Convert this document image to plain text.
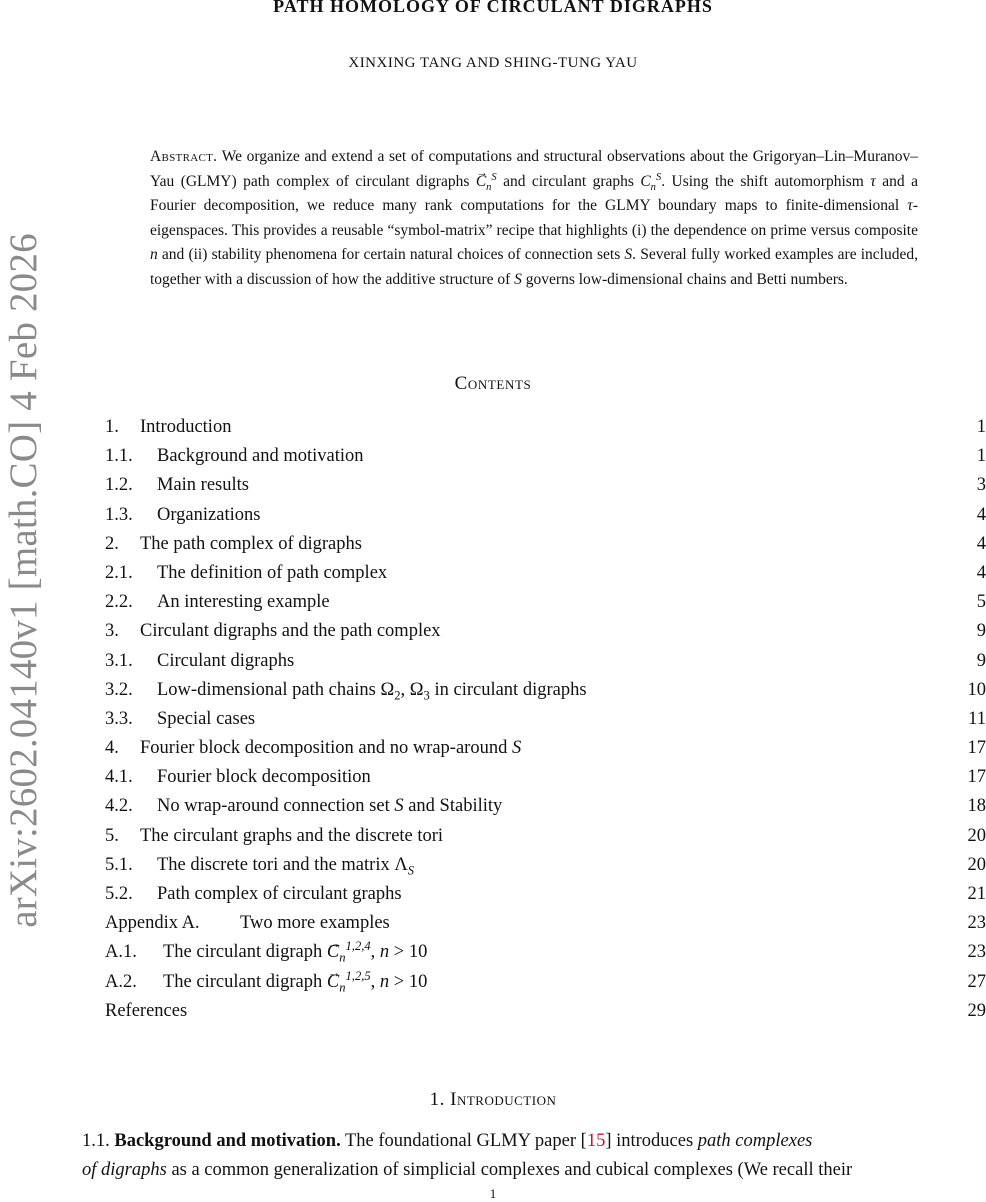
arXiv:2602.04140v1 [math.CO] 4 Feb 2026
PATH HOMOLOGY OF CIRCULANT DIGRAPHS
XINXING TANG AND SHING-TUNG YAU
Abstract. We organize and extend a set of computations and structural observations about the Grigoryan–Lin–Muranov–Yau (GLMY) path complex of circulant digraphs → $C_n^S$ and circulant graphs $C_n^S$. Using the shift automorphism τ and a Fourier decomposition, we reduce many rank computations for the GLMY boundary maps to finite-dimensional τ-eigenspaces. This provides a reusable “symbol-matrix” recipe that highlights (i) the dependence on prime versus composite n and (ii) stability phenomena for certain natural choices of connection sets S. Several fully worked examples are included, together with a discussion of how the additive structure of S governs low-dimensional chains and Betti numbers.
Contents
1.	Introduction	1
1.1.	Background and motivation	1
1.2.	Main results	3
1.3.	Organizations	4
2.	The path complex of digraphs	4
2.1.	The definition of path complex	4
2.2.	An interesting example	5
3.	Circulant digraphs and the path complex	9
3.1.	Circulant digraphs	9
3.2.	Low-dimensional path chains $\Omega_2$, $\Omega_3$ in circulant digraphs	10
3.3.	Special cases	11
4.	Fourier block decomposition and no wrap-around S	17
4.1.	Fourier block decomposition	17
4.2.	No wrap-around connection set S and Stability	18
5.	The circulant graphs and the discrete tori	20
5.1.	The discrete tori and the matrix $\Lambda_S$	20
5.2.	Path complex of circulant graphs	21
Appendix A.	Two more examples	23
A.1.	The circulant digraph → $C_n^{1,2,4}$, n > 10	23
A.2.	The circulant digraph → $C_n^{1,2,5}$, n > 10	27
References	29
1. Introduction
1.1. Background and motivation. The foundational GLMY paper [15] introduces path complexes
of digraphs as a common generalization of simplicial complexes and cubical complexes (We recall their
1
